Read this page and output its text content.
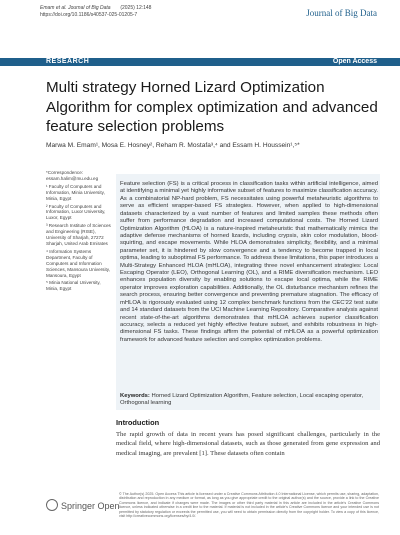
Emam et al. Journal of Big Data (2025) 12:148
https://doi.org/10.1186/s40537-025-01205-7	Journal of Big Data
RESEARCH	Open Access
Multi strategy Horned Lizard Optimization Algorithm for complex optimization and advanced feature selection problems
Marwa M. Emam¹, Mosa E. Hosney², Reham R. Mostafa³,⁴ and Essam H. Houssein¹,⁵*

*Correspondence: essam.halim@mu.edu.eg

¹ Faculty of Computers and Information, Minia University, Minia, Egypt

² Faculty of Computers and Information, Luxor University, Luxor, Egypt

³ Research Institute of Sciences and Engineering (RISE), University of Sharjah, 27272 Sharjah, United Arab Emirates

⁴ Information Systems Department, Faculty of Computers and Information Sciences, Mansoura University, Mansoura, Egypt

⁵ Minia National University, Minia, Egypt

Feature selection (FS) is a critical process in classification tasks within artificial intelligence, aimed at identifying a minimal yet highly informative subset of features to maximize classification accuracy. As a combinatorial NP-hard problem, FS necessitates using powerful metaheuristic algorithms to serve as efficient wrapper-based FS strategies. However, when applied to high-dimensional datasets characterized by a vast number of features and limited samples these methods often suffer from performance degradation and increased computational costs. The Horned Lizard Optimization Algorithm (HLOA) is a nature-inspired metaheuristic that mathematically mimics the adaptive defense mechanisms of horned lizards, including crypsis, skin color modulation, blood-squirting, and escape movements. While HLOA demonstrates simplicity, flexibility, and a minimal parameter set, it is hindered by slow convergence and a tendency to become trapped in local optima, leading to suboptimal FS performance. To address these limitations, this paper introduces a Multi-Strategy Enhanced HLOA (mHLOA), integrating three novel enhancement strategies: Local Escaping Operator (LEO), Orthogonal Learning (OL), and a RIME diversification mechanism. LEO enhances population diversity by enabling solutions to escape local optima, while the RIME operator improves exploration capabilities. Additionally, the OL disturbance mechanism refines the search process, ensuring better convergence and preventing premature stagnation. The efficacy of mHLOA is rigorously evaluated using 12 complex benchmark functions from the CEC'22 test suite and 14 standard datasets from the UCI Machine Learning Repository. Comparative analysis against recent state-of-the-art algorithms demonstrates that mHLOA achieves superior classification accuracy, selects a reduced yet highly effective feature subset, and exhibits robustness in high-dimensional FS tasks. These findings affirm the potential of mHLOA as a powerful optimization framework for advanced feature selection and complex optimization problems.
Keywords: Horned Lizard Optimization Algorithm, Feature selection, Local escaping operator, Orthogonal learning
Introduction
The rapid growth of data in recent years has posed significant challenges, particularly in the medical field, where high-dimensional datasets, such as those generated from gene expression and medical imaging, are prevalent [1]. These datasets often contain
Springer Open
© The Author(s) 2025. Open Access This article is licensed under a Creative Commons Attribution 4.0 International License, which permits use, sharing, adaptation, distribution and reproduction in any medium or format, as long as you give appropriate credit to the original author(s) and the source, provide a link to the Creative Commons licence, and indicate if changes were made. The images or other third party material in this article are included in the article's Creative Commons licence, unless indicated otherwise in a credit line to the material. If material is not included in the article's Creative Commons licence and your intended use is not permitted by statutory regulation or exceeds the permitted use, you will need to obtain permission directly from the copyright holder. To view a copy of this licence, visit http://creativecommons.org/licenses/by/4.0/.
